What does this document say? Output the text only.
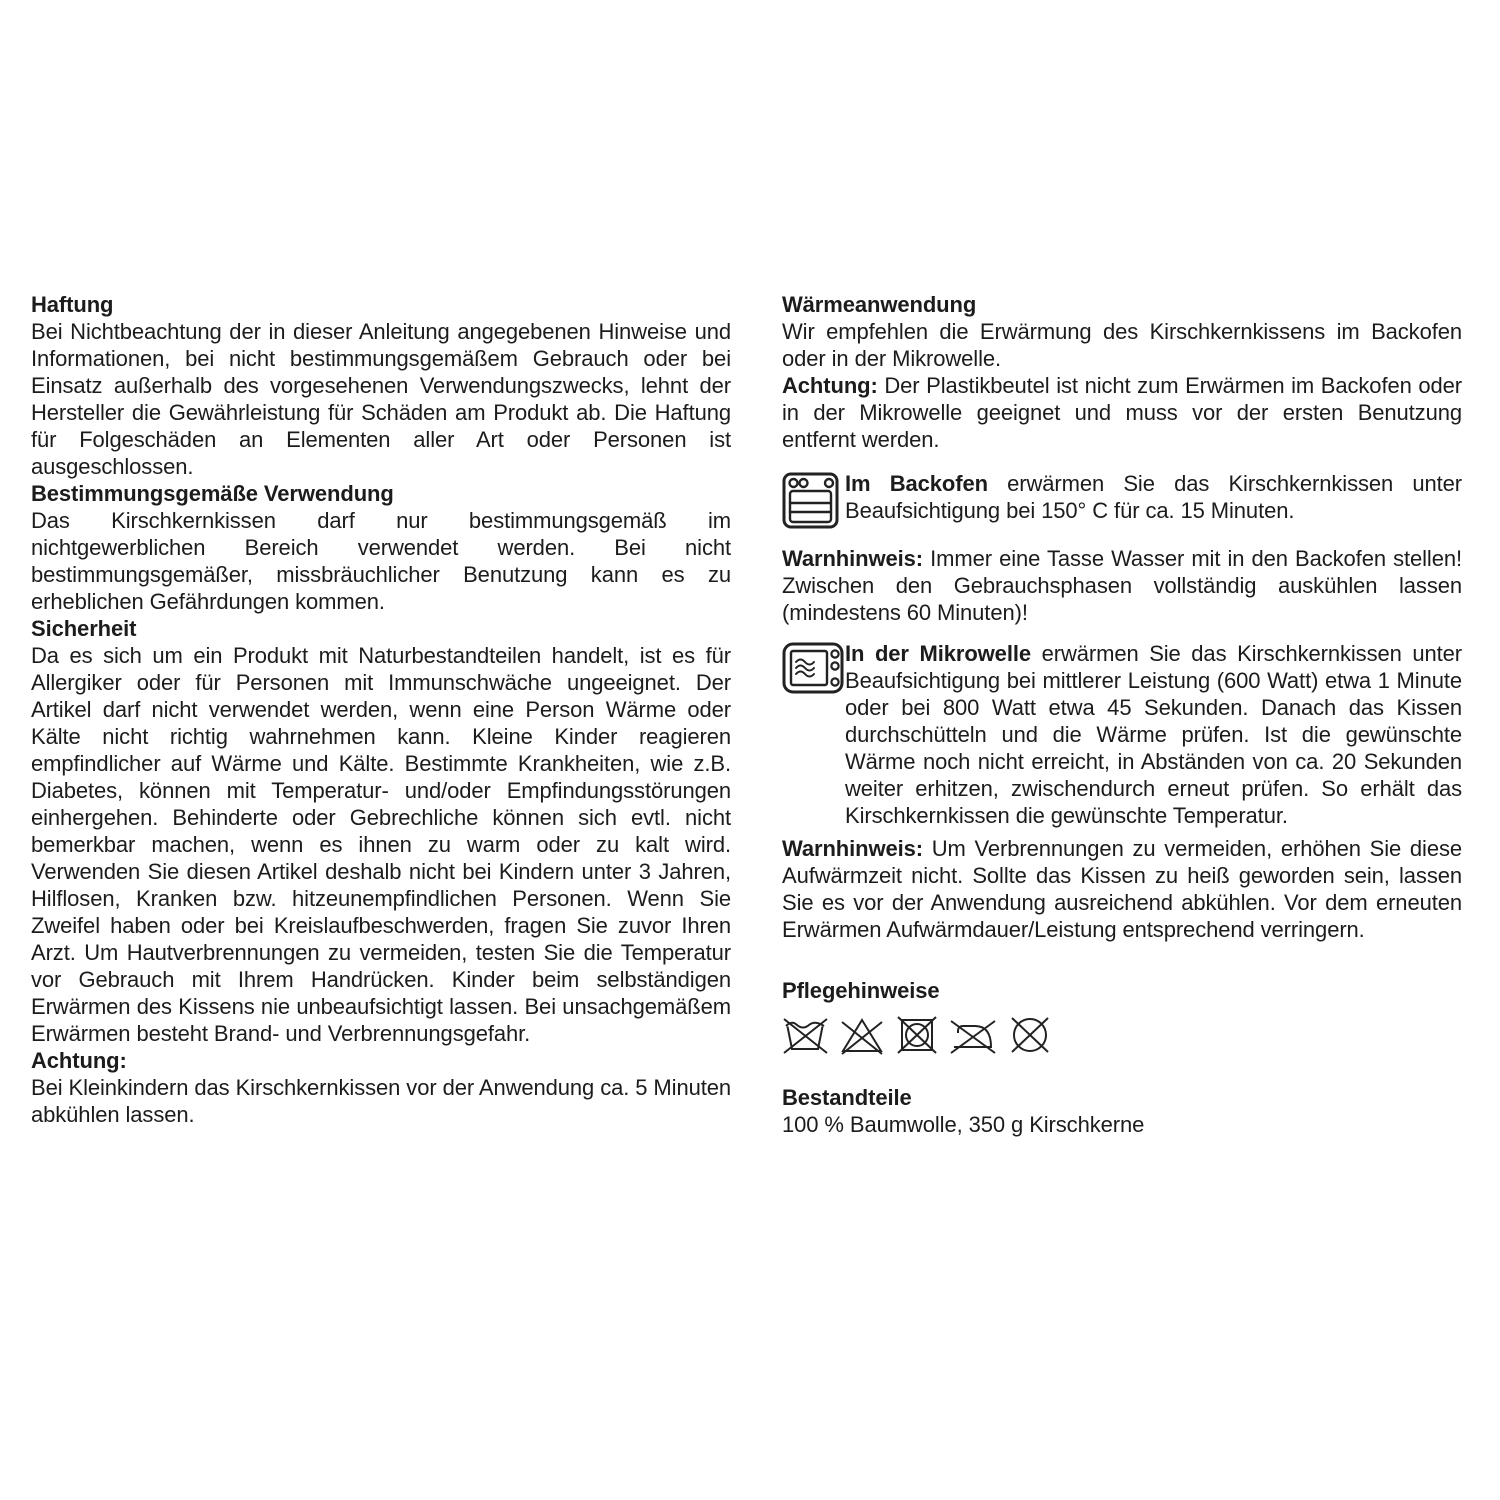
Haftung

Bei Nichtbeachtung der in dieser Anleitung angegebenen Hinweise und Informationen, bei nicht bestimmungsgemäßem Gebrauch oder bei Einsatz außerhalb des vorgesehenen Verwendungszwecks, lehnt der Hersteller die Gewährleistung für Schäden am Produkt ab. Die Haftung für Folgeschäden an Elementen aller Art oder Personen ist ausgeschlossen.

Bestimmungsgemäße Verwendung

Das Kirschkernkissen darf nur bestimmungsgemäß im nichtgewerblichen Bereich verwendet werden. Bei nicht bestimmungsgemäßer, missbräuchlicher Benutzung kann es zu erheblichen Gefährdungen kommen.

Sicherheit

Da es sich um ein Produkt mit Naturbestandteilen handelt, ist es für Allergiker oder für Personen mit Immunschwäche ungeeignet. Der Artikel darf nicht verwendet werden, wenn eine Person Wärme oder Kälte nicht richtig wahrnehmen kann. Kleine Kinder reagieren empfindlicher auf Wärme und Kälte. Bestimmte Krankheiten, wie z.B. Diabetes, können mit Temperatur- und/oder Empfindungsstörungen einhergehen. Behinderte oder Gebrechliche können sich evtl. nicht bemerkbar machen, wenn es ihnen zu warm oder zu kalt wird. Verwenden Sie diesen Artikel deshalb nicht bei Kindern unter 3 Jahren, Hilflosen, Kranken bzw. hitzeunempfindlichen Personen. Wenn Sie Zweifel haben oder bei Kreislaufbeschwerden, fragen Sie zuvor Ihren Arzt. Um Hautverbrennungen zu vermeiden, testen Sie die Temperatur vor Gebrauch mit Ihrem Handrücken. Kinder beim selbständigen Erwärmen des Kissens nie unbeaufsichtigt lassen. Bei unsachgemäßem Erwärmen besteht Brand- und Verbrennungsgefahr.

Achtung:

Bei Kleinkindern das Kirschkernkissen vor der Anwendung ca. 5 Minuten abkühlen lassen.

Wärmeanwendung

Wir empfehlen die Erwärmung des Kirschkernkissens im Backofen oder in der Mikrowelle.

Achtung: Der Plastikbeutel ist nicht zum Erwärmen im Backofen oder in der Mikrowelle geeignet und muss vor der ersten Benutzung entfernt werden.

Im Backofen erwärmen Sie das Kirschkernkissen unter Beaufsichtigung bei 150° C für ca. 15 Minuten.

Warnhinweis: Immer eine Tasse Wasser mit in den Backofen stellen! Zwischen den Gebrauchsphasen vollständig auskühlen lassen (mindestens 60 Minuten)!

In der Mikrowelle erwärmen Sie das Kirschkernkissen unter Beaufsichtigung bei mittlerer Leistung (600 Watt) etwa 1 Minute oder bei 800 Watt etwa 45 Sekunden. Danach das Kissen durchschütteln und die Wärme prüfen. Ist die gewünschte Wärme noch nicht erreicht, in Abständen von ca. 20 Sekunden weiter erhitzen, zwischendurch erneut prüfen. So erhält das Kirschkernkissen die gewünschte Temperatur.

Warnhinweis: Um Verbrennungen zu vermeiden, erhöhen Sie diese Aufwärmzeit nicht. Sollte das Kissen zu heiß geworden sein, lassen Sie es vor der Anwendung ausreichend abkühlen. Vor dem erneuten Erwärmen Aufwärmdauer/Leistung entsprechend verringern.

Pflegehinweise
Bestandteile

100 % Baumwolle, 350 g Kirschkerne
